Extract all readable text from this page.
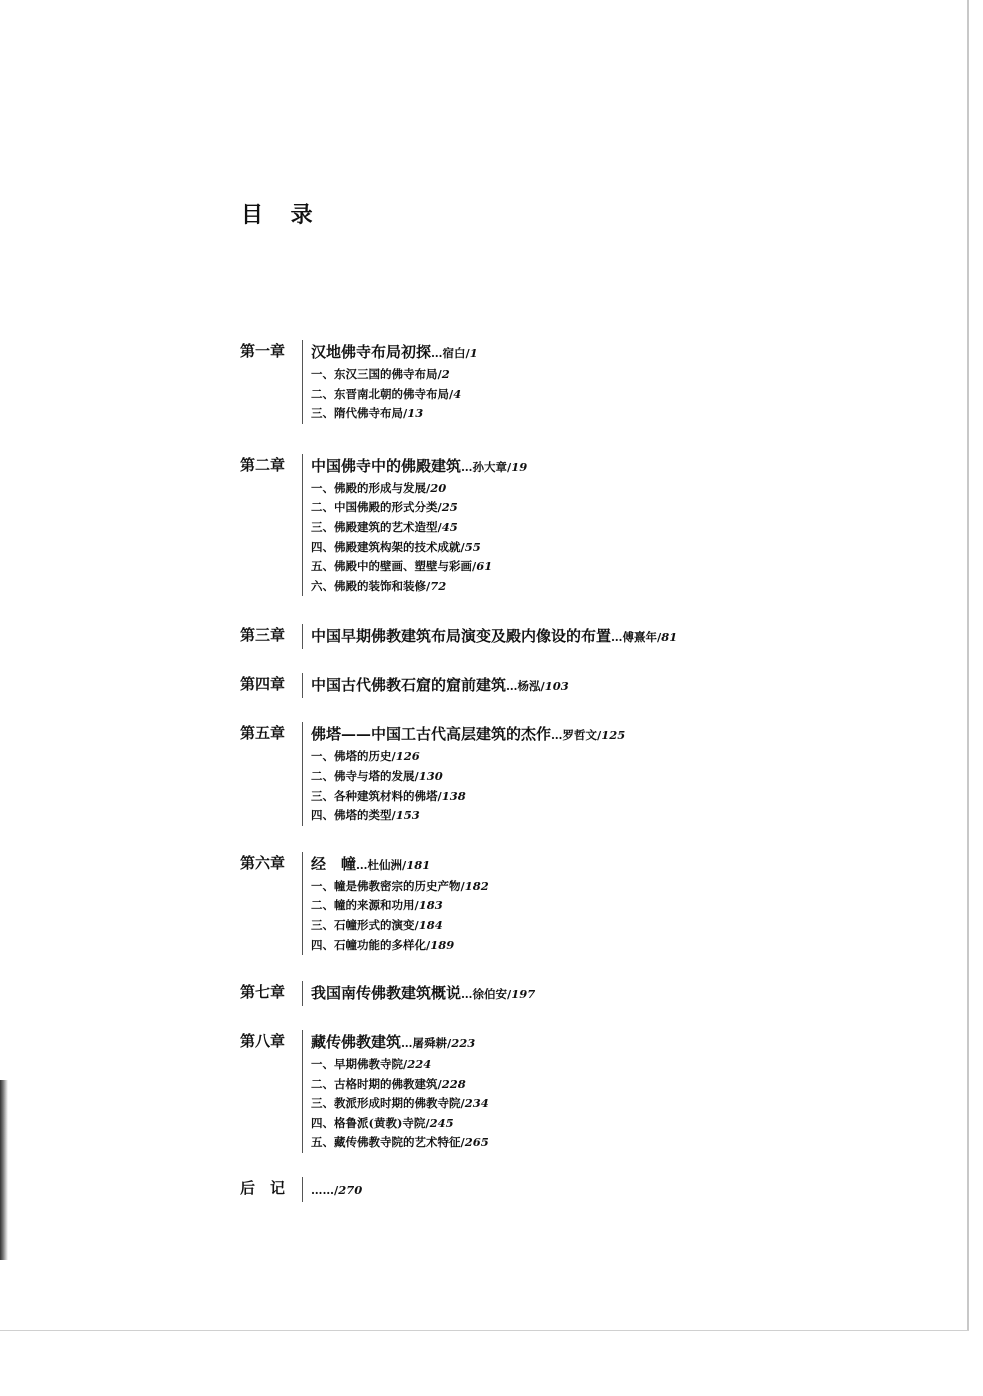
目 录
第一章 汉地佛寺布局初探…宿白/1
一、东汉三国的佛寺布局/2
二、东晋南北朝的佛寺布局/4
三、隋代佛寺布局/13
第二章 中国佛寺中的佛殿建筑…孙大章/19
一、佛殿的形成与发展/20
二、中国佛殿的形式分类/25
三、佛殿建筑的艺术造型/45
四、佛殿建筑构架的技术成就/55
五、佛殿中的壁画、塑壁与彩画/61
六、佛殿的装饰和装修/72
第三章 中国早期佛教建筑布局演变及殿内像设的布置…傅熹年/81
第四章 中国古代佛教石窟的窟前建筑…杨泓/103
第五章 佛塔——中国工古代高层建筑的杰作…罗哲文/125
一、佛塔的历史/126
二、佛寺与塔的发展/130
三、各种建筑材料的佛塔/138
四、佛塔的类型/153
第六章 经　幢…杜仙洲/181
一、幢是佛教密宗的历史产物/182
二、幢的来源和功用/183
三、石幢形式的演变/184
四、石幢功能的多样化/189
第七章 我国南传佛教建筑概说…徐伯安/197
第八章 藏传佛教建筑…屠舜耕/223
一、早期佛教寺院/224
二、古格时期的佛教建筑/228
三、教派形成时期的佛教寺院/234
四、格鲁派(黄教)寺院/245
五、藏传佛教寺院的艺术特征/265
后　记 ……/270
